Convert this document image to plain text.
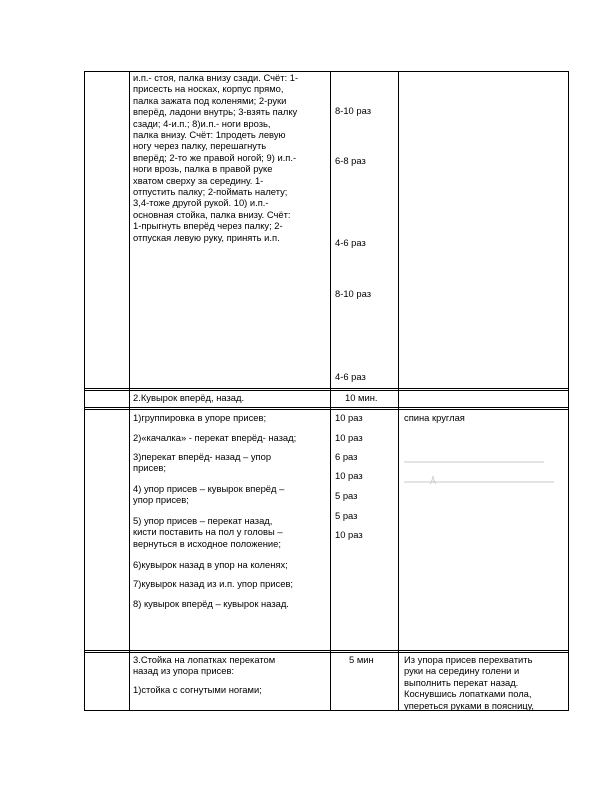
и.п.- стоя, палка внизу сзади. Счёт: 1-
присесть на носках, корпус прямо,
палка зажата под коленями; 2-руки
вперёд, ладони внутрь; 3-взять палку
сзади; 4-и.п.; 8)и.п.- ноги врозь,
палка внизу. Счёт: 1продеть левую
ногу через палку, перешагнуть
вперёд; 2-то же правой ногой; 9) и.п.-
ноги врозь, палка в правой руке
хватом сверху за середину. 1-
отпустить палку; 2-поймать налету;
3,4-тоже другой рукой. 10) и.п.-
основная стойка, палка внизу. Счёт:
1-прыгнуть вперёд через палку; 2-
отпуская левую руку, принять и.п.
8-10 раз
6-8 раз
4-6 раз
8-10 раз
4-6 раз
2.Кувырок вперёд, назад.	10 мин.
1)группировка в упоре присев;
2)«качалка» - перекат вперёд- назад;
3)перекат вперёд- назад – упор
присев;
4) упор присев – кувырок вперёд –
упор присев;
5) упор присев – перекат назад,
кисти поставить на пол у головы –
вернуться в исходное положение;
6)кувырок назад в упор на коленях;
7)кувырок назад из и.п. упор присев;
8) кувырок вперёд – кувырок назад.
10 раз
10 раз
6 раз
10 раз
5 раз
5 раз
10 раз
спина круглая
Å
3.Стойка на лопатках перекатом
назад из упора присев:
1)стойка с согнутыми ногами;
5 мин	Из упора присев перехватить
руки на середину голени и
выполнить перекат назад.
Коснувшись лопатками пола,
упереться руками в поясницу,
